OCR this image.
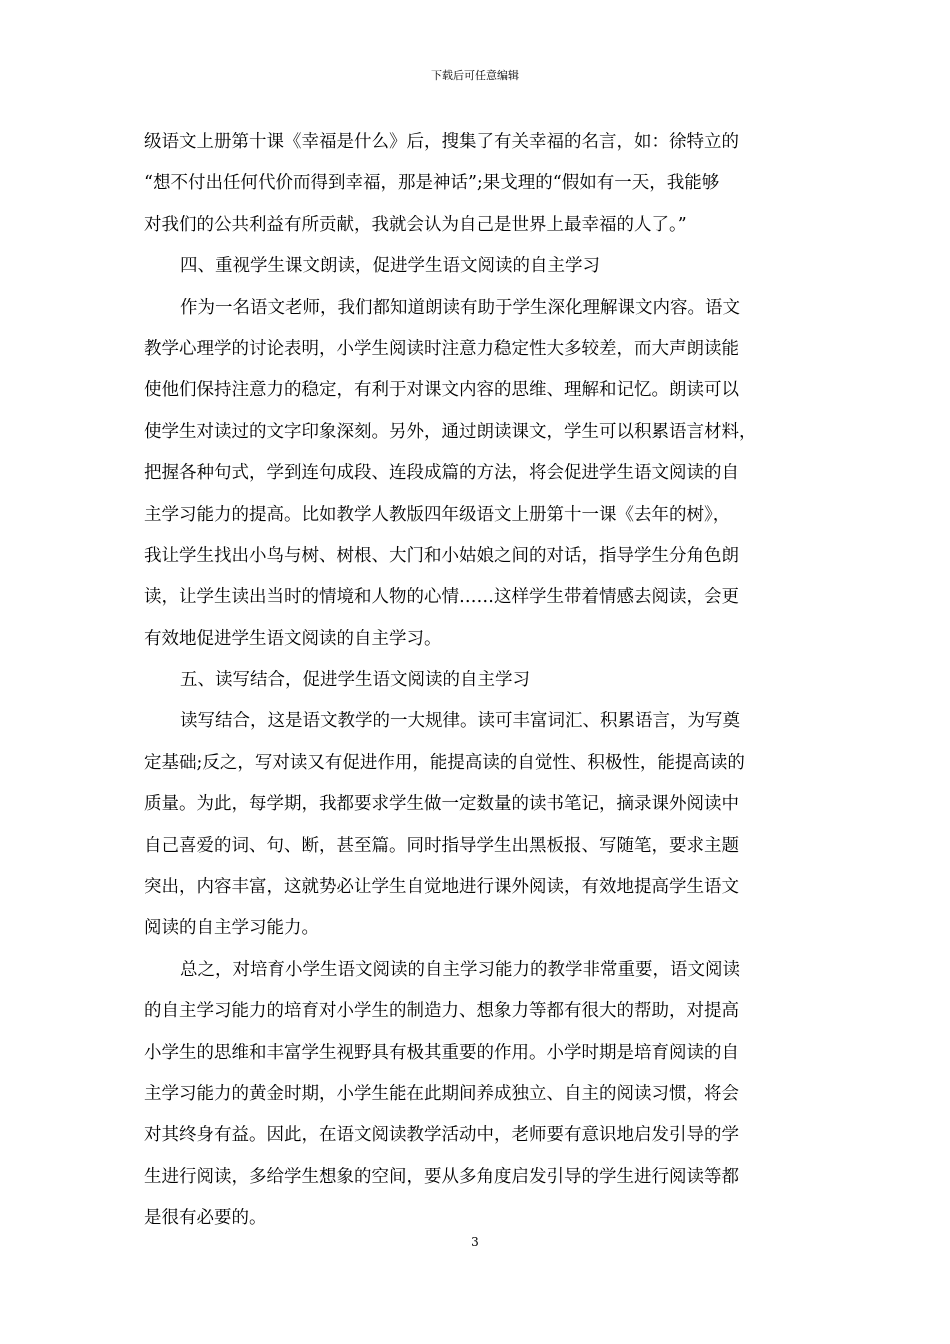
下载后可任意编辑
级语文上册第十课《幸福是什么》后，搜集了有关幸福的名言，如：徐特立的
“想不付出任何代价而得到幸福，那是神话”;果戈理的“假如有一天，我能够
对我们的公共利益有所贡献，我就会认为自己是世界上最幸福的人了。”
四、重视学生课文朗读，促进学生语文阅读的自主学习
作为一名语文老师，我们都知道朗读有助于学生深化理解课文内容。语文
教学心理学的讨论表明，小学生阅读时注意力稳定性大多较差，而大声朗读能
使他们保持注意力的稳定，有利于对课文内容的思维、理解和记忆。朗读可以
使学生对读过的文字印象深刻。另外，通过朗读课文，学生可以积累语言材料，
把握各种句式，学到连句成段、连段成篇的方法，将会促进学生语文阅读的自
主学习能力的提高。比如教学人教版四年级语文上册第十一课《去年的树》，
我让学生找出小鸟与树、树根、大门和小姑娘之间的对话，指导学生分角色朗
读，让学生读出当时的情境和人物的心情……这样学生带着情感去阅读，会更
有效地促进学生语文阅读的自主学习。
五、读写结合，促进学生语文阅读的自主学习
读写结合，这是语文教学的一大规律。读可丰富词汇、积累语言，为写奠
定基础;反之，写对读又有促进作用，能提高读的自觉性、积极性，能提高读的
质量。为此，每学期，我都要求学生做一定数量的读书笔记，摘录课外阅读中
自己喜爱的词、句、断，甚至篇。同时指导学生出黑板报、写随笔，要求主题
突出，内容丰富，这就势必让学生自觉地进行课外阅读，有效地提高学生语文
阅读的自主学习能力。
总之，对培育小学生语文阅读的自主学习能力的教学非常重要，语文阅读
的自主学习能力的培育对小学生的制造力、想象力等都有很大的帮助，对提高
小学生的思维和丰富学生视野具有极其重要的作用。小学时期是培育阅读的自
主学习能力的黄金时期，小学生能在此期间养成独立、自主的阅读习惯，将会
对其终身有益。因此，在语文阅读教学活动中，老师要有意识地启发引导的学
生进行阅读，多给学生想象的空间，要从多角度启发引导的学生进行阅读等都
是很有必要的。
3
